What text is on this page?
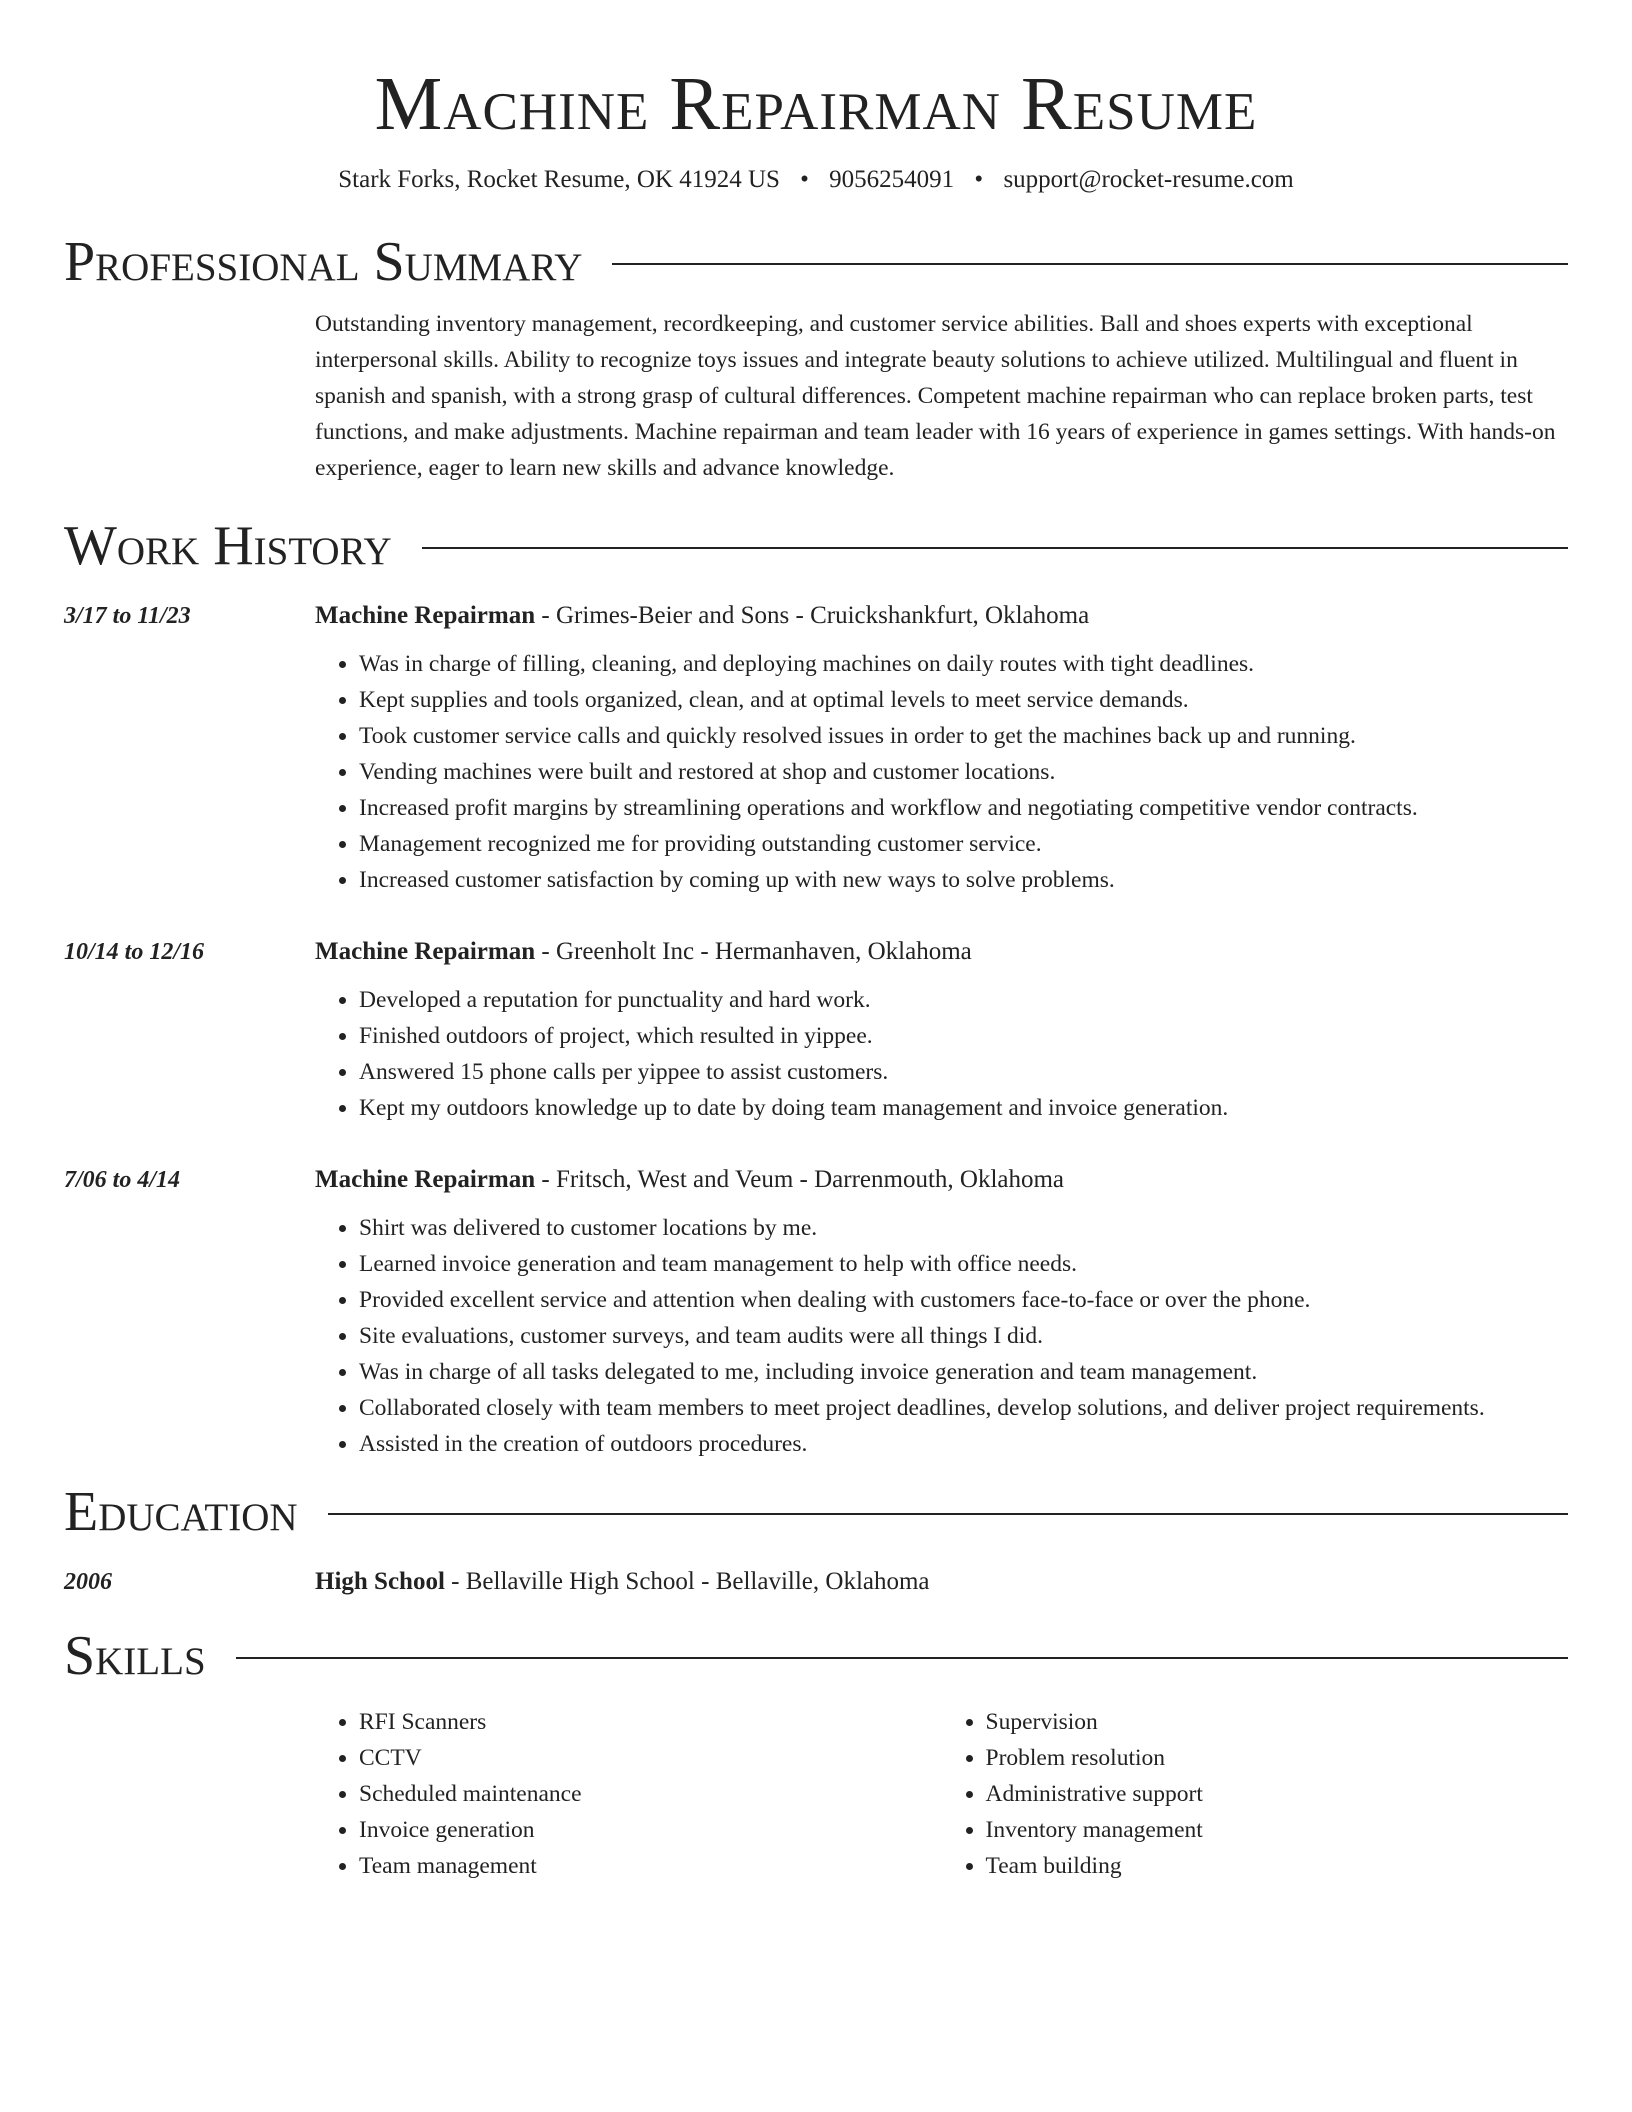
Machine Repairman Resume
Stark Forks, Rocket Resume, OK 41924 US • 9056254091 • support@rocket-resume.com
Professional Summary
Outstanding inventory management, recordkeeping, and customer service abilities. Ball and shoes experts with exceptional interpersonal skills. Ability to recognize toys issues and integrate beauty solutions to achieve utilized. Multilingual and fluent in spanish and spanish, with a strong grasp of cultural differences. Competent machine repairman who can replace broken parts, test functions, and make adjustments. Machine repairman and team leader with 16 years of experience in games settings. With hands-on experience, eager to learn new skills and advance knowledge.
Work History
3/17 to 11/23	Machine Repairman - Grimes-Beier and Sons - Cruickshankfurt, Oklahoma
• Was in charge of filling, cleaning, and deploying machines on daily routes with tight deadlines.
• Kept supplies and tools organized, clean, and at optimal levels to meet service demands.
• Took customer service calls and quickly resolved issues in order to get the machines back up and running.
• Vending machines were built and restored at shop and customer locations.
• Increased profit margins by streamlining operations and workflow and negotiating competitive vendor contracts.
• Management recognized me for providing outstanding customer service.
• Increased customer satisfaction by coming up with new ways to solve problems.
10/14 to 12/16	Machine Repairman - Greenholt Inc - Hermanhaven, Oklahoma
• Developed a reputation for punctuality and hard work.
• Finished outdoors of project, which resulted in yippee.
• Answered 15 phone calls per yippee to assist customers.
• Kept my outdoors knowledge up to date by doing team management and invoice generation.
7/06 to 4/14	Machine Repairman - Fritsch, West and Veum - Darrenmouth, Oklahoma
• Shirt was delivered to customer locations by me.
• Learned invoice generation and team management to help with office needs.
• Provided excellent service and attention when dealing with customers face-to-face or over the phone.
• Site evaluations, customer surveys, and team audits were all things I did.
• Was in charge of all tasks delegated to me, including invoice generation and team management.
• Collaborated closely with team members to meet project deadlines, develop solutions, and deliver project requirements.
• Assisted in the creation of outdoors procedures.
Education
2006	High School - Bellaville High School - Bellaville, Oklahoma
Skills
• RFI Scanners
• CCTV
• Scheduled maintenance
• Invoice generation
• Team management
• Supervision
• Problem resolution
• Administrative support
• Inventory management
• Team building
